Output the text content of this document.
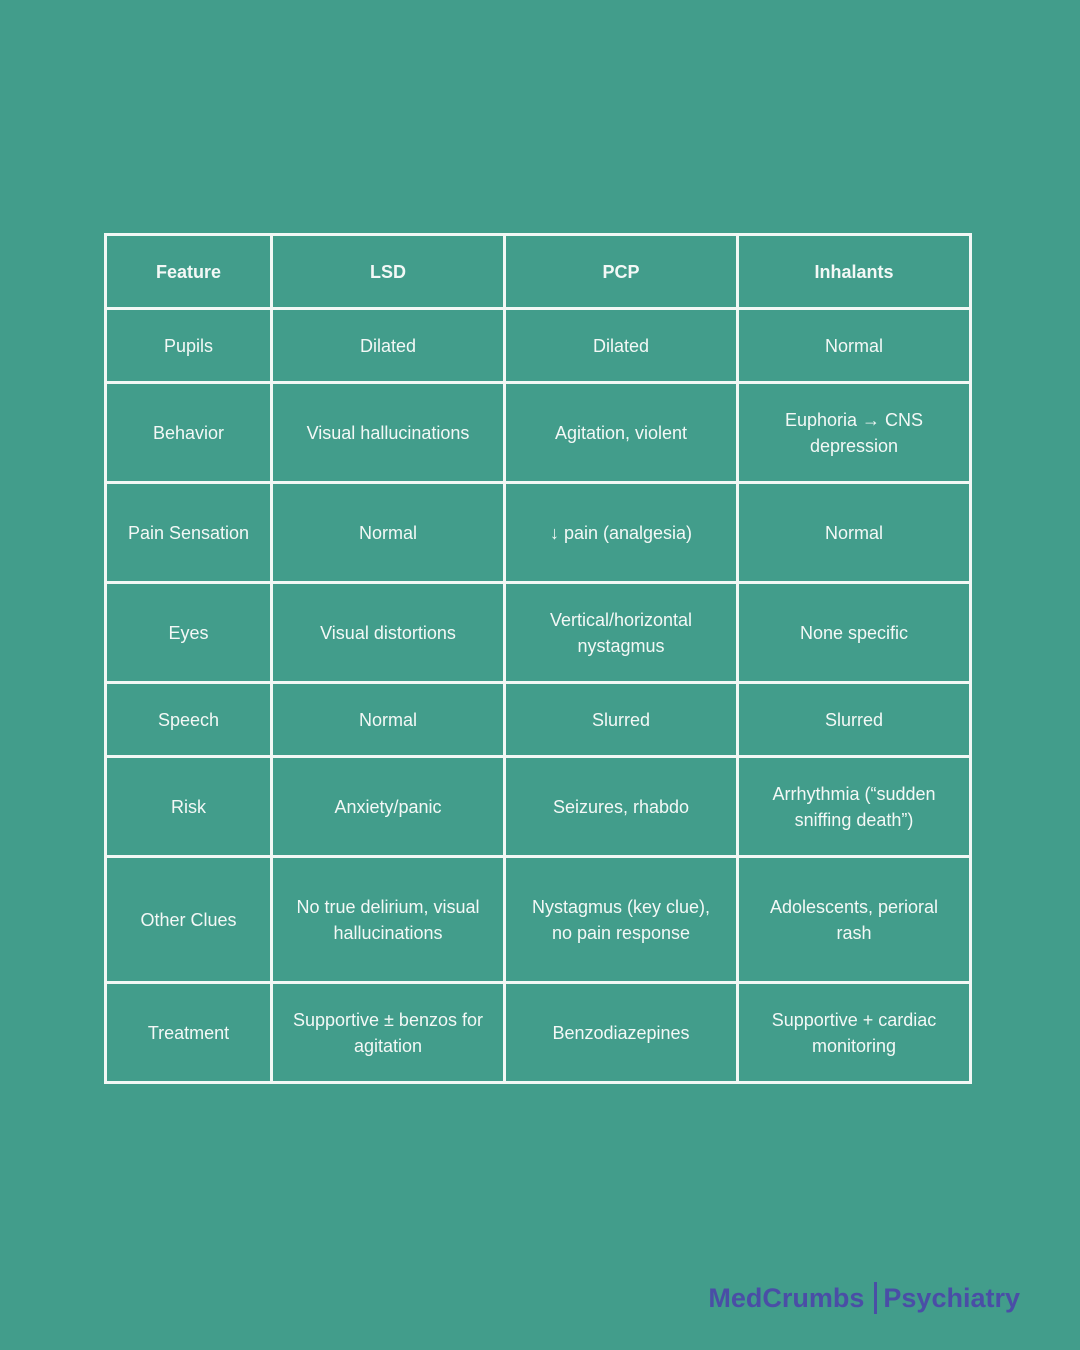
Feature	LSD	PCP	Inhalants
Pupils	Dilated	Dilated	Normal
Behavior	Visual hallucinations	Agitation, violent	Euphoria → CNS depression
Pain Sensation	Normal	↓ pain (analgesia)	Normal
Eyes	Visual distortions	Vertical/horizontal nystagmus	None specific
Speech	Normal	Slurred	Slurred
Risk	Anxiety/panic	Seizures, rhabdo	Arrhythmia (“sudden sniffing death”)
Other Clues	No true delirium, visual hallucinations	Nystagmus (key clue), no pain response	Adolescents, perioral rash
Treatment	Supportive ± benzos for agitation	Benzodiazepines	Supportive + cardiac monitoring
MedCrumbs Psychiatry
